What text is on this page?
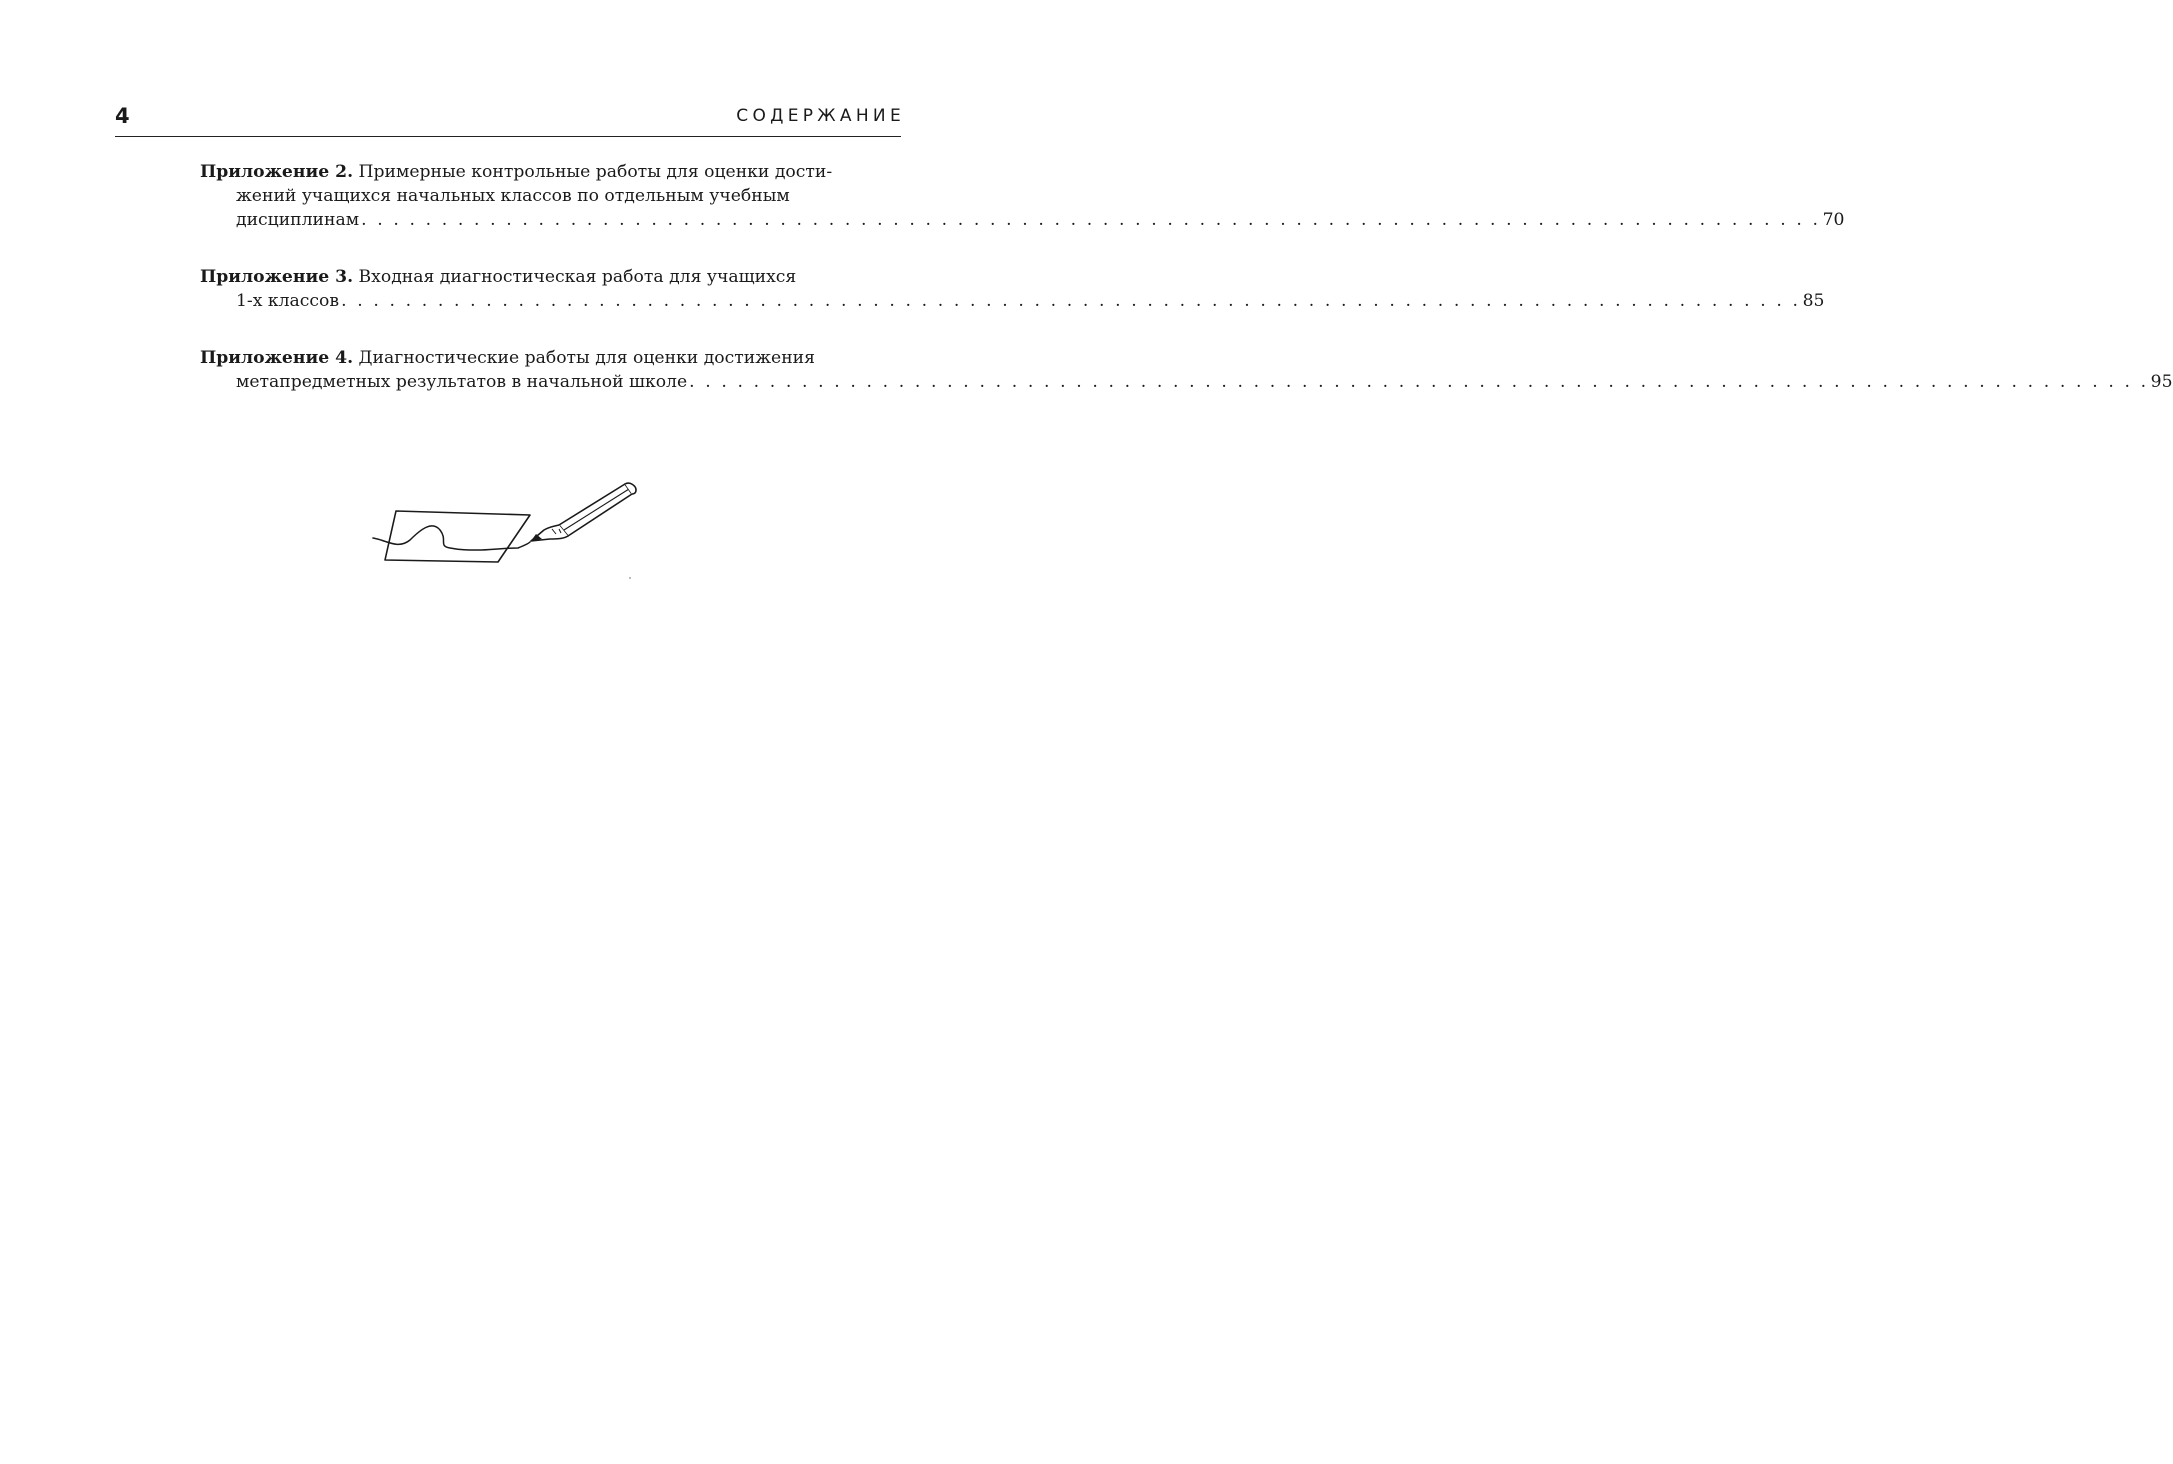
4	СОДЕРЖАНИЕ
Приложение 2. Примерные контрольные работы для оценки дости-
жений учащихся начальных классов по отдельным учебным
дисциплинам . . . . . . . . . . . . . . . . . . . . . . . . . . . . . . . . . . . . . . . . . . . . . . . . . . . . . . . . . . . . . . . . . . . . . . . . . . . . . . . . . . . . . . . . . . . 70
Приложение 3. Входная диагностическая работа для учащихся
1-х классов . . . . . . . . . . . . . . . . . . . . . . . . . . . . . . . . . . . . . . . . . . . . . . . . . . . . . . . . . . . . . . . . . . . . . . . . . . . . . . . . . . . . . . . . . . . 85
Приложение 4. Диагностические работы для оценки достижения
метапредметных результатов в начальной школе . . . . . . . . . . . . . . . . . . . . . . . . . . . . . . . . . . . . . . . . . . . . . . . . . . . . . . . . . . . . . . . . . . . . . . . . . . . . . . . . . . . . . . . . . . . 95
